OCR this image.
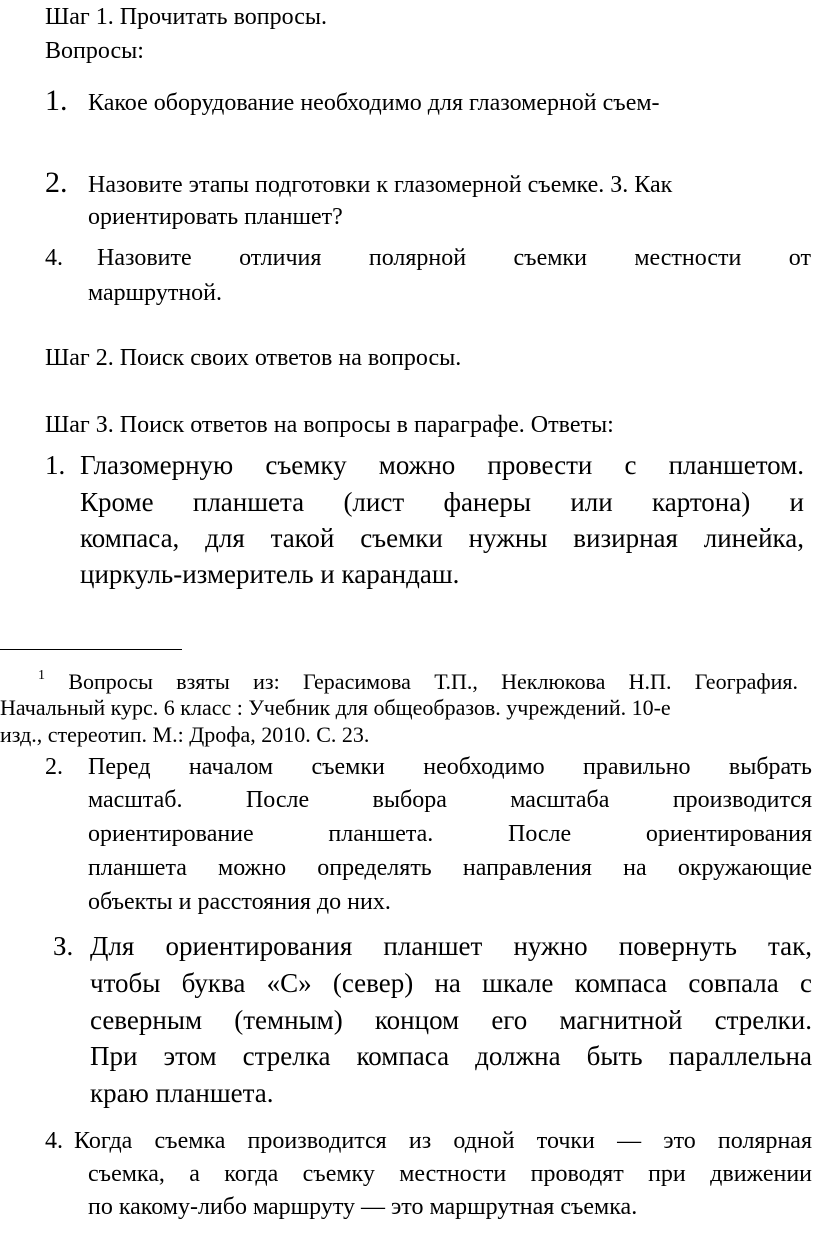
Шаг 1. Прочитать вопросы.
Вопросы:
1. Какое оборудование необходимо для глазомерной съем-
2. Назовите этапы подготовки к глазомерной съемке. З. Как
ориентировать планшет?
4. Назовите отличия полярной съемки местности от
маршрутной.
Шаг 2. Поиск своих ответов на вопросы.
Шаг З. Поиск ответов на вопросы в параграфе. Ответы:
1. Глазомерную съемку можно провести с планшетом.
Кроме планшета (лист фанеры или картона) и
компаса, для такой съемки нужны визирная линейка,
циркуль-измеритель и карандаш.
$^1$ Вопросы взяты из: Герасимова Т.П., Неклюкова Н.П. География.
Начальный курс. 6 класс : Учебник для общеобразов. учреждений. 10-е
изд., стереотип. М.: Дрофа, 2010. С. 23.
2. Перед началом съемки необходимо правильно выбрать
масштаб. После выбора масштаба производится
ориентирование планшета. После ориентирования
планшета можно определять направления на окружающие
объекты и расстояния до них.
З. Для ориентирования планшет нужно повернуть так,
чтобы буква «С» (север) на шкале компаса совпала с
северным (темным) концом его магнитной стрелки.
При этом стрелка компаса должна быть параллельна
краю планшета.
4. Когда съемка производится из одной точки — это полярная
съемка, а когда съемку местности проводят при движении
по какому-либо маршруту — это маршрутная съемка.
